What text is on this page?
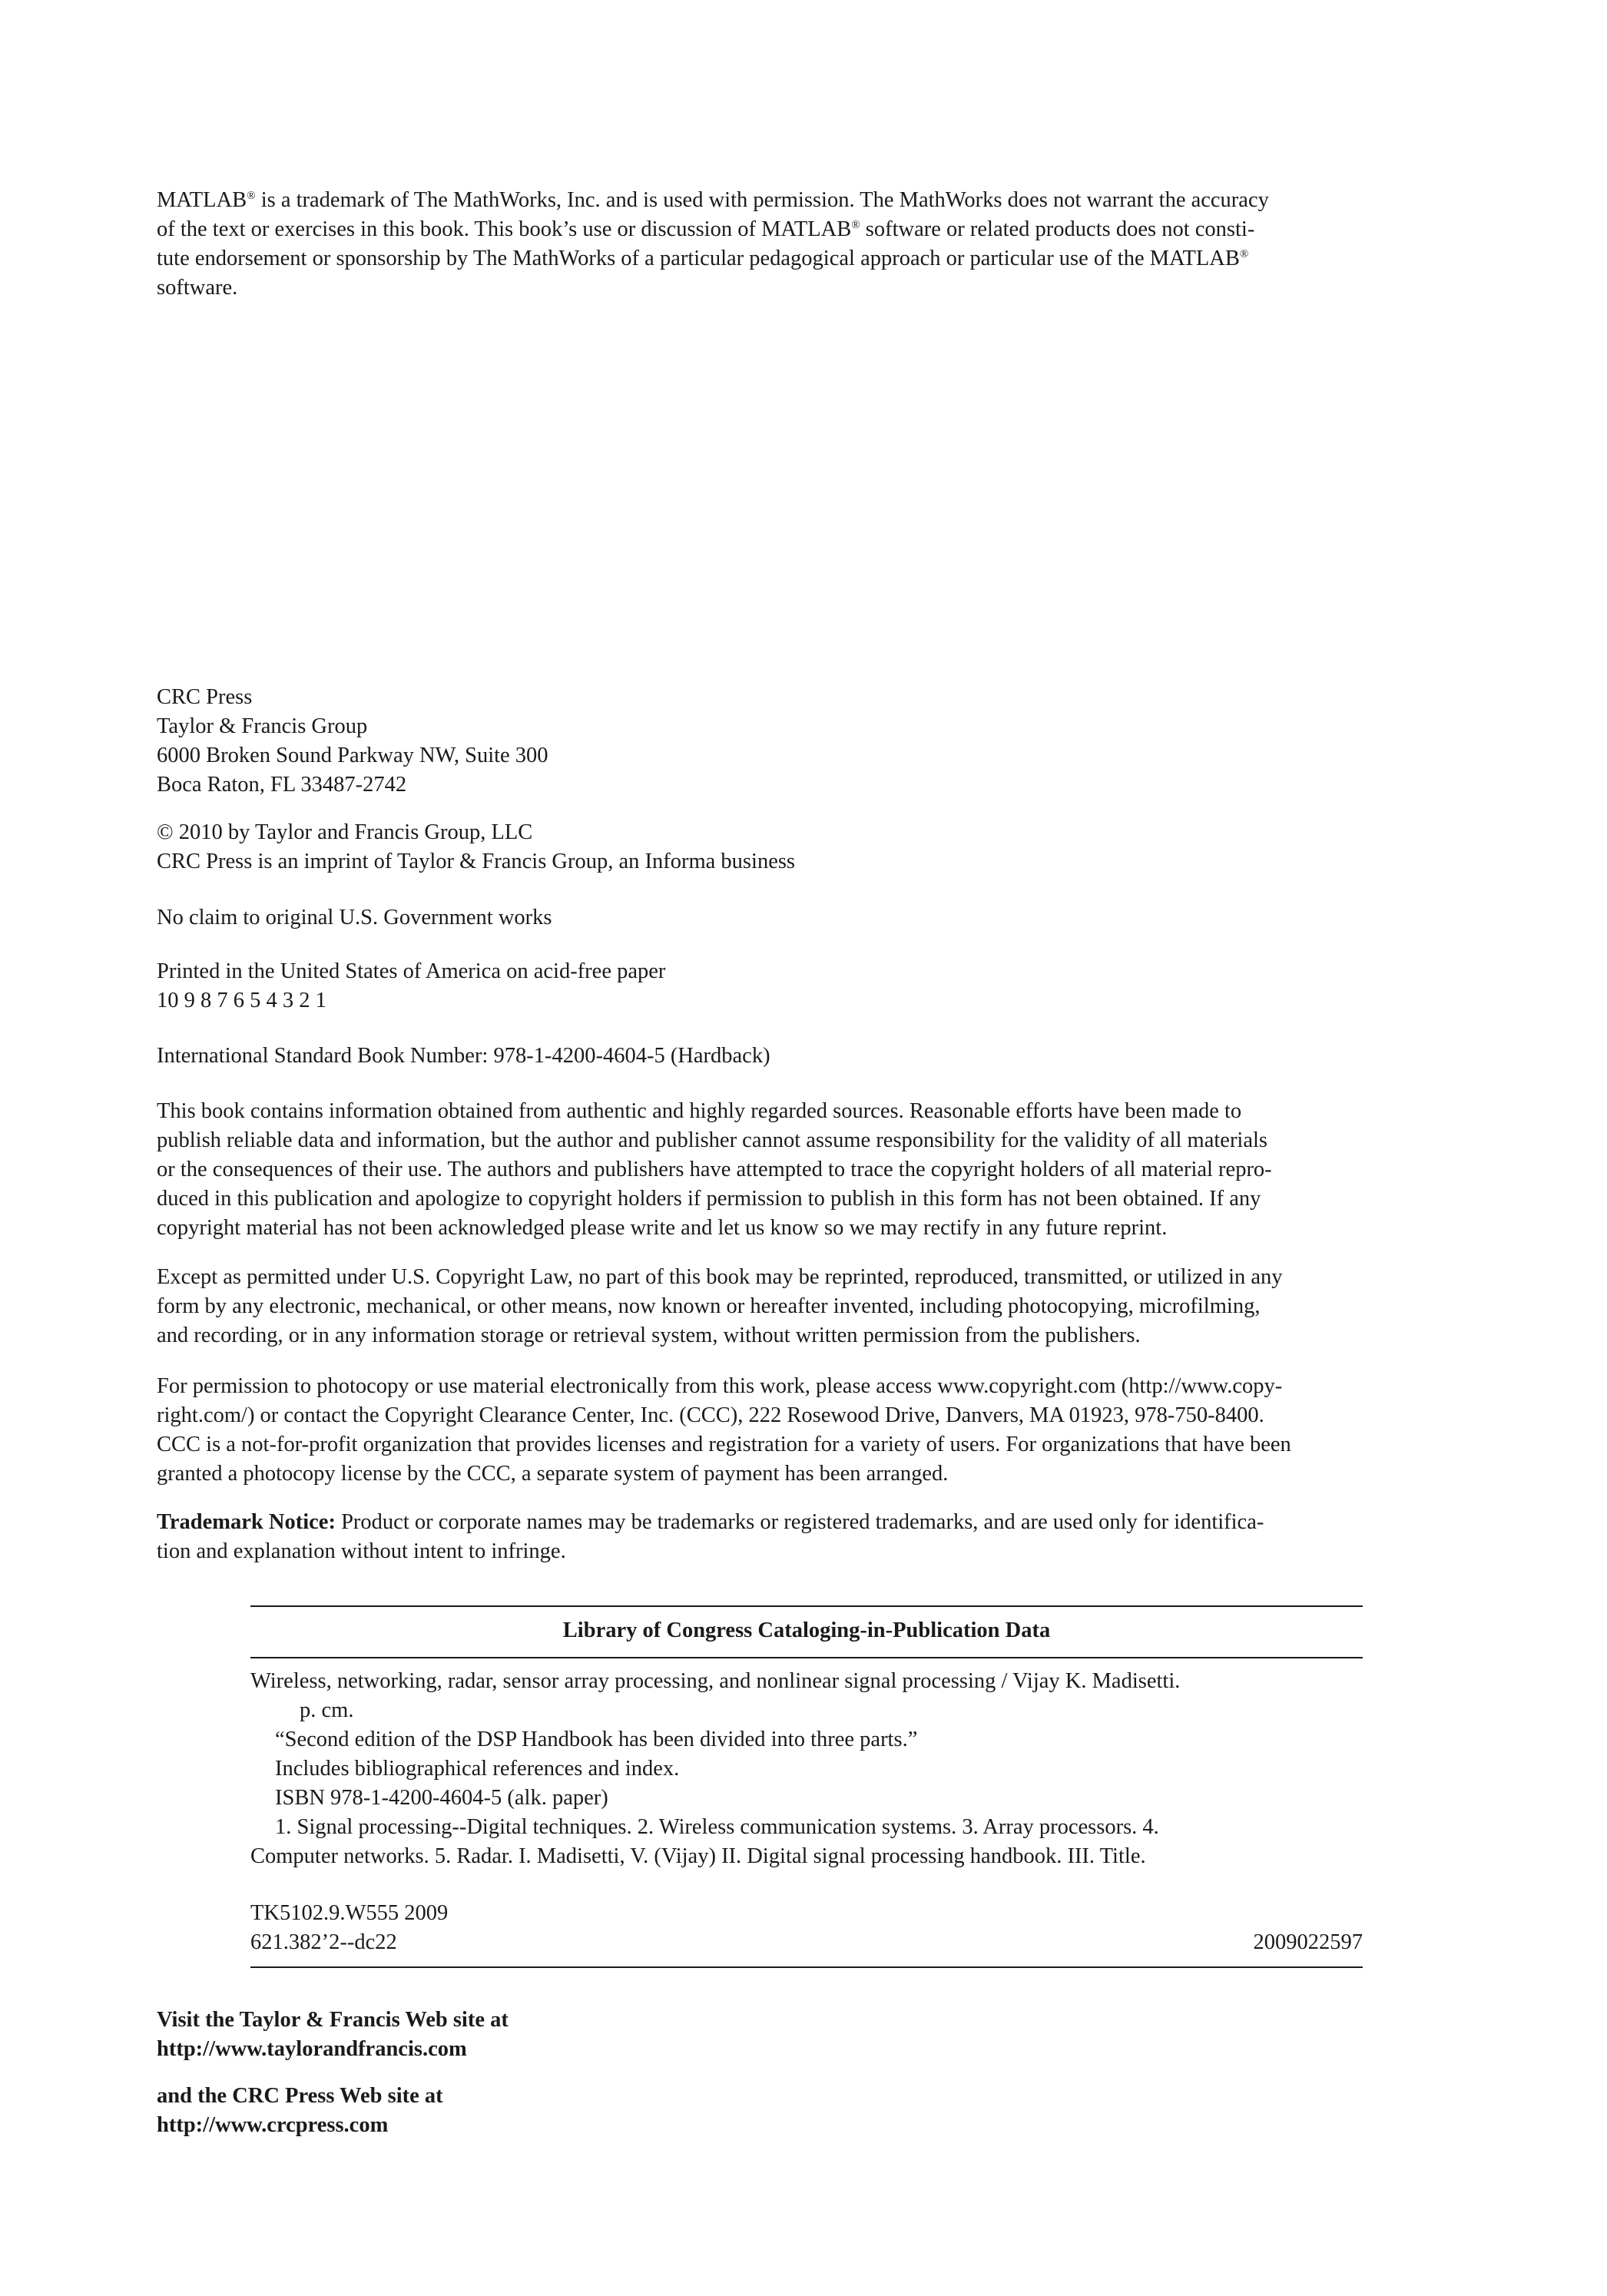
MATLAB® is a trademark of The MathWorks, Inc. and is used with permission. The MathWorks does not warrant the accuracy
of the text or exercises in this book. This book’s use or discussion of MATLAB® software or related products does not consti-
tute endorsement or sponsorship by The MathWorks of a particular pedagogical approach or particular use of the MATLAB®
software.
CRC Press
Taylor & Francis Group
6000 Broken Sound Parkway NW, Suite 300
Boca Raton, FL 33487-2742
© 2010 by Taylor and Francis Group, LLC
CRC Press is an imprint of Taylor & Francis Group, an Informa business
No claim to original U.S. Government works
Printed in the United States of America on acid-free paper
10 9 8 7 6 5 4 3 2 1
International Standard Book Number: 978-1-4200-4604-5 (Hardback)
This book contains information obtained from authentic and highly regarded sources. Reasonable efforts have been made to
publish reliable data and information, but the author and publisher cannot assume responsibility for the validity of all materials
or the consequences of their use. The authors and publishers have attempted to trace the copyright holders of all material repro-
duced in this publication and apologize to copyright holders if permission to publish in this form has not been obtained. If any
copyright material has not been acknowledged please write and let us know so we may rectify in any future reprint.
Except as permitted under U.S. Copyright Law, no part of this book may be reprinted, reproduced, transmitted, or utilized in any
form by any electronic, mechanical, or other means, now known or hereafter invented, including photocopying, microfilming,
and recording, or in any information storage or retrieval system, without written permission from the publishers.
For permission to photocopy or use material electronically from this work, please access www.copyright.com (http://www.copy-
right.com/) or contact the Copyright Clearance Center, Inc. (CCC), 222 Rosewood Drive, Danvers, MA 01923, 978-750-8400.
CCC is a not-for-profit organization that provides licenses and registration for a variety of users. For organizations that have been
granted a photocopy license by the CCC, a separate system of payment has been arranged.
Trademark Notice: Product or corporate names may be trademarks or registered trademarks, and are used only for identifica-
tion and explanation without intent to infringe.
Library of Congress Cataloging-in-Publication Data
Wireless, networking, radar, sensor array processing, and nonlinear signal processing / Vijay K. Madisetti.
p. cm.
“Second edition of the DSP Handbook has been divided into three parts.”
Includes bibliographical references and index.
ISBN 978-1-4200-4604-5 (alk. paper)
1. Signal processing--Digital techniques. 2. Wireless communication systems. 3. Array processors. 4.
Computer networks. 5. Radar. I. Madisetti, V. (Vijay) II. Digital signal processing handbook. III. Title.
TK5102.9.W555 2009
621.382’2--dc22	2009022597
Visit the Taylor & Francis Web site at
http://www.taylorandfrancis.com
and the CRC Press Web site at
http://www.crcpress.com
